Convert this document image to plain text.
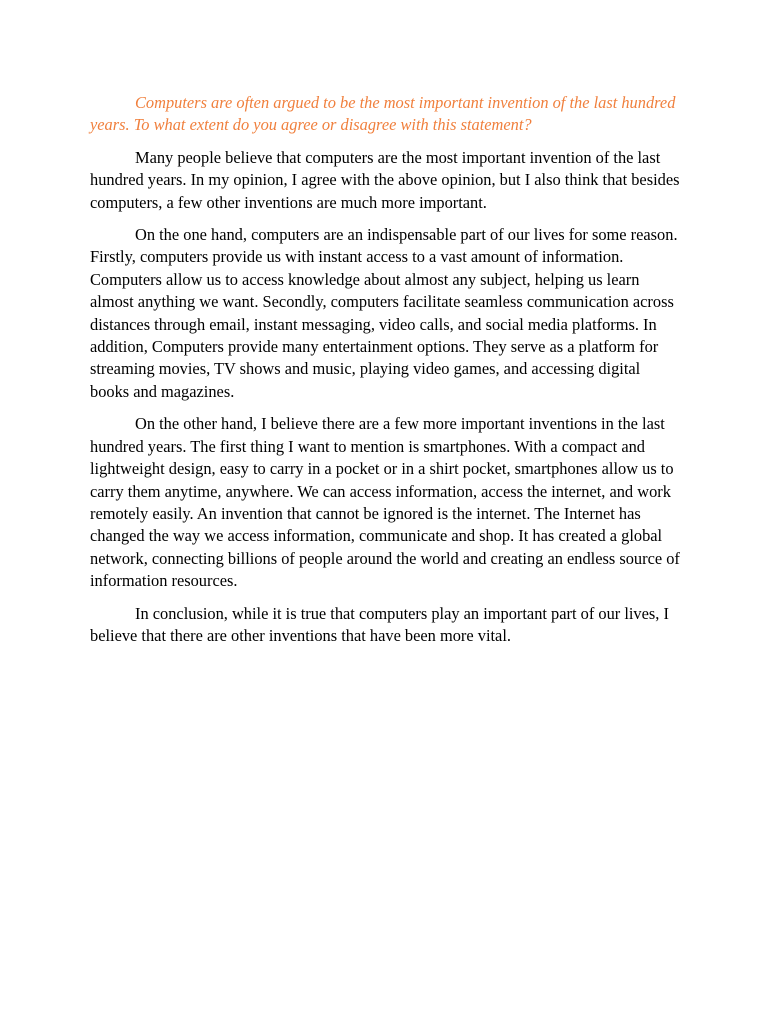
Computers are often argued to be the most important invention of the last hundred years. To what extent do you agree or disagree with this statement?

Many people believe that computers are the most important invention of the last hundred years. In my opinion, I agree with the above opinion, but I also think that besides computers, a few other inventions are much more important.

On the one hand, computers are an indispensable part of our lives for some reason. Firstly, computers provide us with instant access to a vast amount of information. Computers allow us to access knowledge about almost any subject, helping us learn almost anything we want. Secondly, computers facilitate seamless communication across distances through email, instant messaging, video calls, and social media platforms. In addition, Computers provide many entertainment options. They serve as a platform for streaming movies, TV shows and music, playing video games, and accessing digital books and magazines.

On the other hand, I believe there are a few more important inventions in the last hundred years. The first thing I want to mention is smartphones. With a compact and lightweight design, easy to carry in a pocket or in a shirt pocket, smartphones allow us to carry them anytime, anywhere. We can access information, access the internet, and work remotely easily. An invention that cannot be ignored is the internet. The Internet has changed the way we access information, communicate and shop. It has created a global network, connecting billions of people around the world and creating an endless source of information resources.

In conclusion, while it is true that computers play an important part of our lives, I believe that there are other inventions that have been more vital.
